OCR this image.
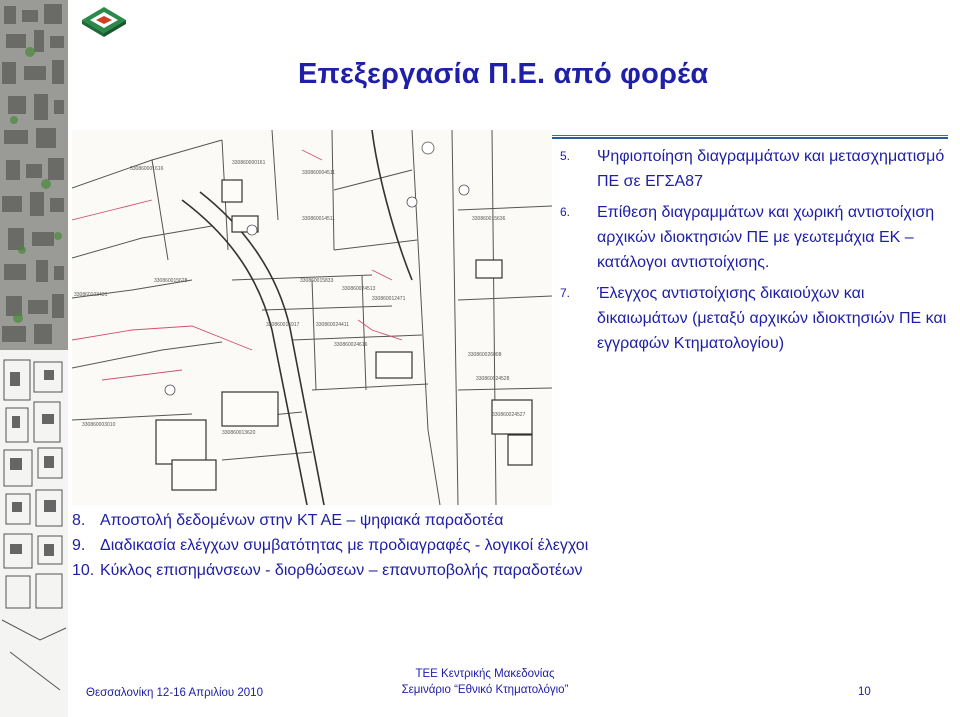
Επεξεργασία Π.Ε. από φορέα
330860001616
330860000161
330860004511
330860015628
330860014511
330860015833
330860024513
330860015917	330860024411
330860024616
330860015636
330860026008
330860024528
330860024527
330860003010
330860013620
330860012471
330860103431
5.	Ψηφιοποίηση διαγραμμάτων και μετασχηματισμό ΠΕ σε ΕΓΣΑ87
6.	Επίθεση διαγραμμάτων και χωρική αντιστοίχιση αρχικών ιδιοκτησιών ΠΕ με γεωτεμάχια ΕΚ – κατάλογοι αντιστοίχισης.
7.	Έλεγχος αντιστοίχισης δικαιούχων και δικαιωμάτων (μεταξύ αρχικών ιδιοκτησιών ΠΕ και εγγραφών Κτηματολογίου)
8. Αποστολή δεδομένων στην ΚΤ ΑΕ – ψηφιακά παραδοτέα
9. Διαδικασία ελέγχων συμβατότητας με προδιαγραφές - λογικοί έλεγχοι
10. Κύκλος επισημάνσεων - διορθώσεων – επανυποβολής παραδοτέων
Θεσσαλονίκη 12-16 Απριλίου 2010
ΤΕΕ Κεντρικής Μακεδονίας
Σεμινάριο “Εθνικό Κτηματολόγιο”	10
